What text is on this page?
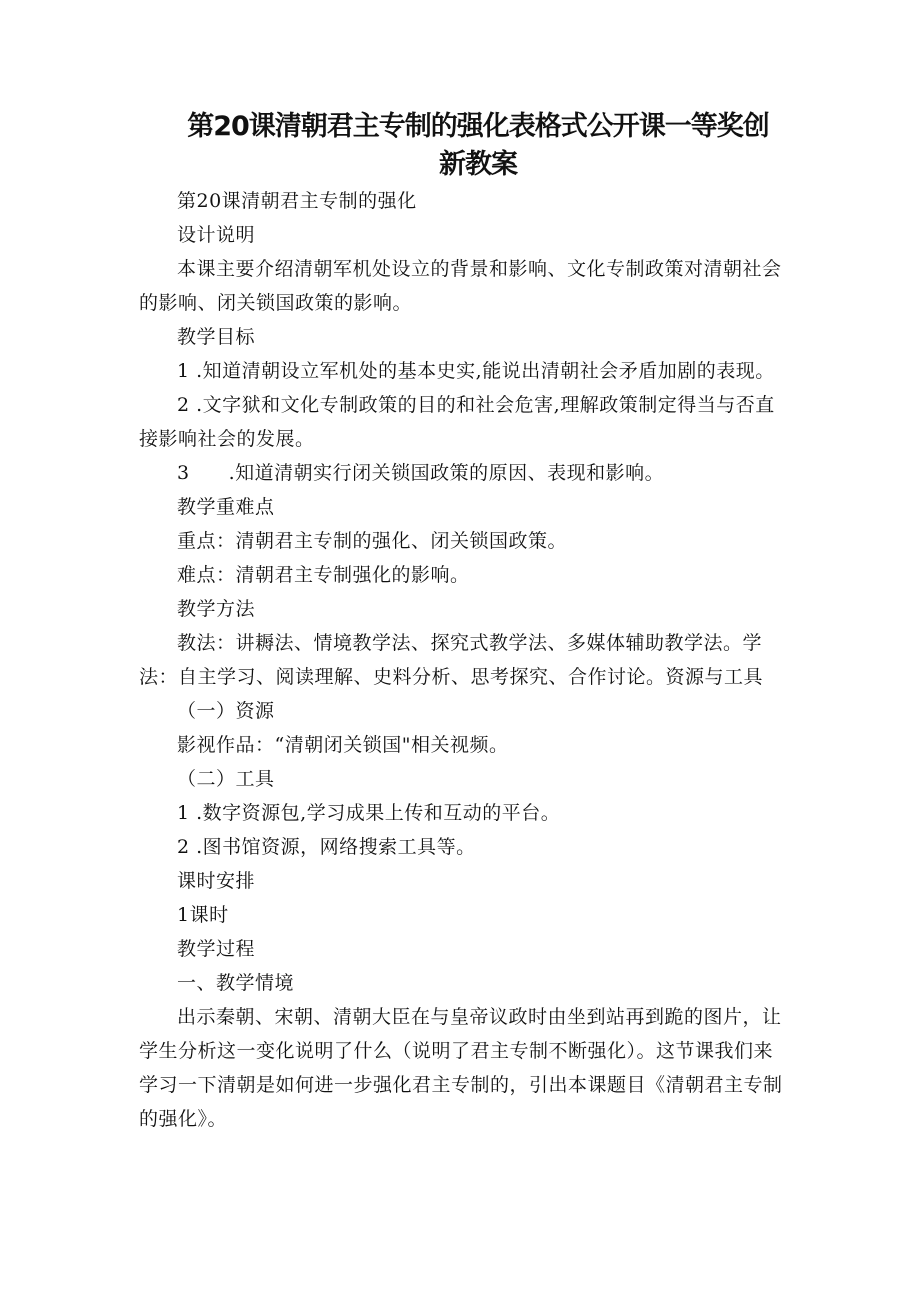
第20课清朝君主专制的强化表格式公开课一等奖创新教案

第20课清朝君主专制的强化

设计说明

本课主要介绍清朝军机处设立的背景和影响、文化专制政策对清朝社会的影响、闭关锁国政策的影响。

教学目标

1 .知道清朝设立军机处的基本史实,能说出清朝社会矛盾加剧的表现。

2 .文字狱和文化专制政策的目的和社会危害,理解政策制定得当与否直接影响社会的发展。

3　　.知道清朝实行闭关锁国政策的原因、表现和影响。

教学重难点

重点：清朝君主专制的强化、闭关锁国政策。

难点：清朝君主专制强化的影响。

教学方法

教法：讲耨法、情境教学法、探究式教学法、多媒体辅助教学法。学法：自主学习、阅读理解、史料分析、思考探究、合作讨论。资源与工具

（一）资源

影视作品：“清朝闭关锁国"相关视频。

（二）工具

1 .数字资源包,学习成果上传和互动的平台。

2 .图书馆资源，网络搜索工具等。

课时安排

1课时

教学过程

一、教学情境

出示秦朝、宋朝、清朝大臣在与皇帝议政时由坐到站再到跪的图片，让学生分析这一变化说明了什么（说明了君主专制不断强化）。这节课我们来学习一下清朝是如何进一步强化君主专制的，引出本课题目《清朝君主专制的强化》。
